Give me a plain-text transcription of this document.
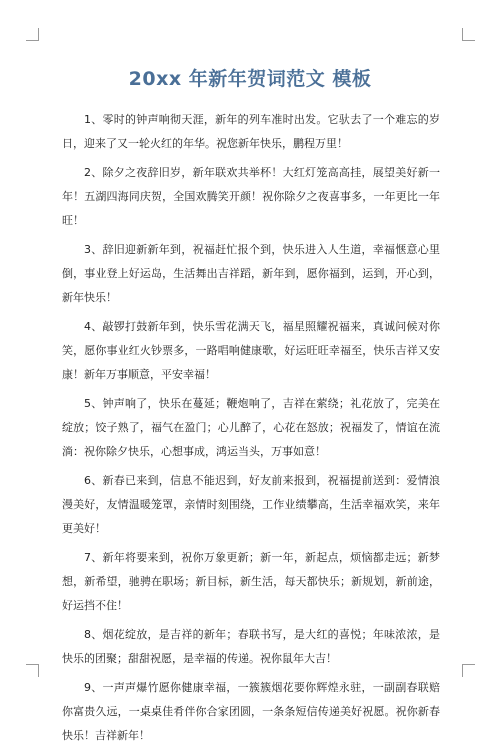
20xx 年新年贺词范文 模板

1、零时的钟声响彻天涯，新年的列车准时出发。它驮去了一个难忘的岁日，迎来了又一轮火红的年华。祝您新年快乐，鹏程万里！

2、除夕之夜辞旧岁，新年联欢共举杯！大红灯笼高高挂，展望美好新一年！五湖四海同庆贺，全国欢腾笑开颜！祝你除夕之夜喜事多，一年更比一年旺！

3、辞旧迎新新年到，祝福赶忙报个到，快乐进入人生道，幸福惬意心里倒，事业登上好运岛，生活舞出吉祥蹈，新年到，愿你福到，运到，开心到，新年快乐！

4、敲锣打鼓新年到，快乐雪花满天飞，福星照耀祝福来，真诚问候对你笑，愿你事业红火钞票多，一路唱响健康歌，好运旺旺幸福至，快乐吉祥又安康！新年万事顺意，平安幸福！

5、钟声响了，快乐在蔓延；鞭炮响了，吉祥在萦绕；礼花放了，完美在绽放；饺子熟了，福气在盈门；心儿醉了，心花在怒放；祝福发了，情谊在流淌：祝你除夕快乐，心想事成，鸿运当头，万事如意！

6、新春已来到，信息不能迟到，好友前来报到，祝福提前送到：爱情浪漫美好，友情温暖笼罩，亲情时刻围绕，工作业绩攀高，生活幸福欢笑，来年更美好！

7、新年将要来到，祝你万象更新；新一年，新起点，烦恼都走远；新梦想，新希望，驰骋在职场；新目标，新生活，每天都快乐；新规划，新前途，好运挡不住！

8、烟花绽放，是吉祥的新年；春联书写，是大红的喜悦；年味浓浓，是快乐的团聚；甜甜祝愿，是幸福的传递。祝你鼠年大吉！

9、一声声爆竹愿你健康幸福，一簇簇烟花要你辉煌永驻，一副副春联赔你富贵久远，一桌桌佳肴伴你合家团圆，一条条短信传递美好祝愿。祝你新春快乐！吉祥新年！
